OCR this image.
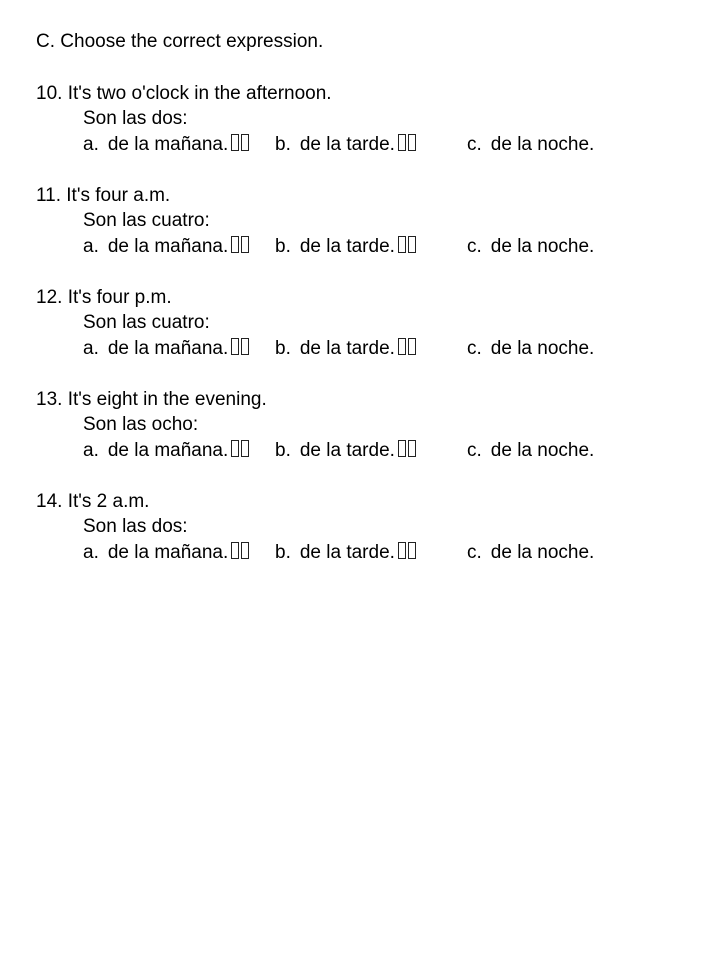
C. Choose the correct expression.
10. It's two o'clock in the afternoon.
Son las dos:
a. de la mañana.	b. de la tarde.	c. de la noche.
11. It's four a.m.
Son las cuatro:
a. de la mañana.	b. de la tarde.	c. de la noche.
12. It's four p.m.
Son las cuatro:
a. de la mañana.	b. de la tarde.	c. de la noche.
13. It's eight in the evening.
Son las ocho:
a. de la mañana.	b. de la tarde.	c. de la noche.
14. It's 2 a.m.
Son las dos:
a. de la mañana.	b. de la tarde.	c. de la noche.
